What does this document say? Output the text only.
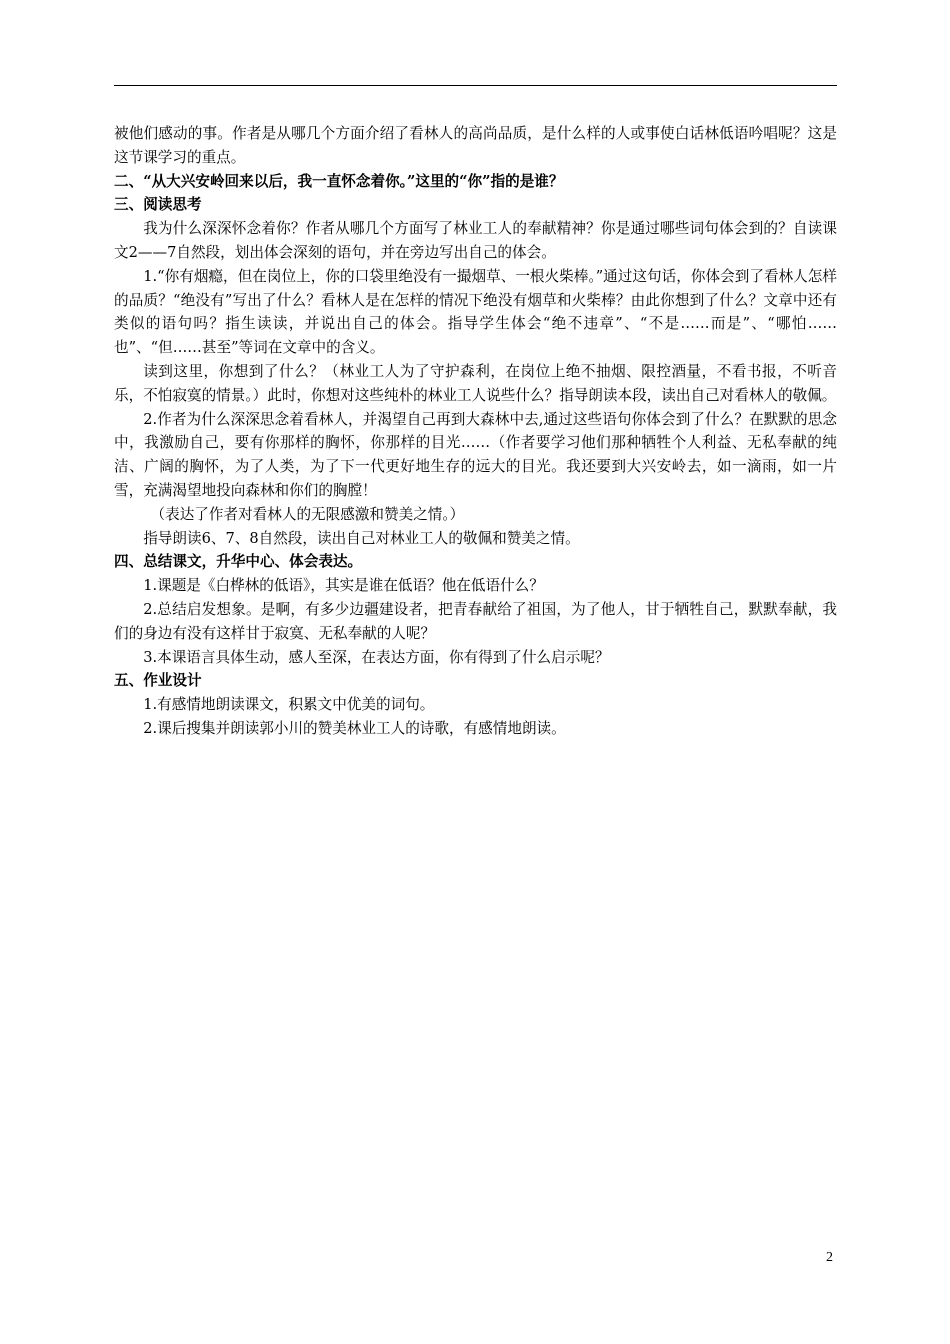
被他们感动的事。作者是从哪几个方面介绍了看林人的高尚品质，是什么样的人或事使白话林低语吟唱呢？这是这节课学习的重点。

二、“从大兴安岭回来以后，我一直怀念着你。”这里的“你”指的是谁？

三、阅读思考

我为什么深深怀念着你？作者从哪几个方面写了林业工人的奉献精神？你是通过哪些词句体会到的？自读课文2——7自然段，划出体会深刻的语句，并在旁边写出自己的体会。

1.“你有烟瘾，但在岗位上，你的口袋里绝没有一撮烟草、一根火柴棒。”通过这句话，你体会到了看林人怎样的品质？“绝没有”写出了什么？看林人是在怎样的情况下绝没有烟草和火柴棒？由此你想到了什么？文章中还有类似的语句吗？指生读读，并说出自己的体会。指导学生体会“绝不违章”、“不是……而是”、“哪怕……也”、“但……甚至”等词在文章中的含义。

读到这里，你想到了什么？（林业工人为了守护森利，在岗位上绝不抽烟、限控酒量，不看书报，不听音乐，不怕寂寞的情景。）此时，你想对这些纯朴的林业工人说些什么？指导朗读本段，读出自己对看林人的敬佩。

2.作者为什么深深思念着看林人，并渴望自己再到大森林中去,通过这些语句你体会到了什么？在默默的思念中，我激励自己，要有你那样的胸怀，你那样的目光……（作者要学习他们那种牺牲个人利益、无私奉献的纯洁、广阔的胸怀，为了人类，为了下一代更好地生存的远大的目光。我还要到大兴安岭去，如一滴雨，如一片雪，充满渴望地投向森林和你们的胸膛！

（表达了作者对看林人的无限感激和赞美之情。）

指导朗读6、7、8自然段，读出自己对林业工人的敬佩和赞美之情。

四、总结课文，升华中心、体会表达。

1.课题是《白桦林的低语》，其实是谁在低语？他在低语什么？

2.总结启发想象。是啊，有多少边疆建设者，把青春献给了祖国，为了他人，甘于牺牲自己，默默奉献，我们的身边有没有这样甘于寂寞、无私奉献的人呢？

3.本课语言具体生动，感人至深，在表达方面，你有得到了什么启示呢？

五、作业设计

1.有感情地朗读课文，积累文中优美的词句。

2.课后搜集并朗读郭小川的赞美林业工人的诗歌，有感情地朗读。

2
